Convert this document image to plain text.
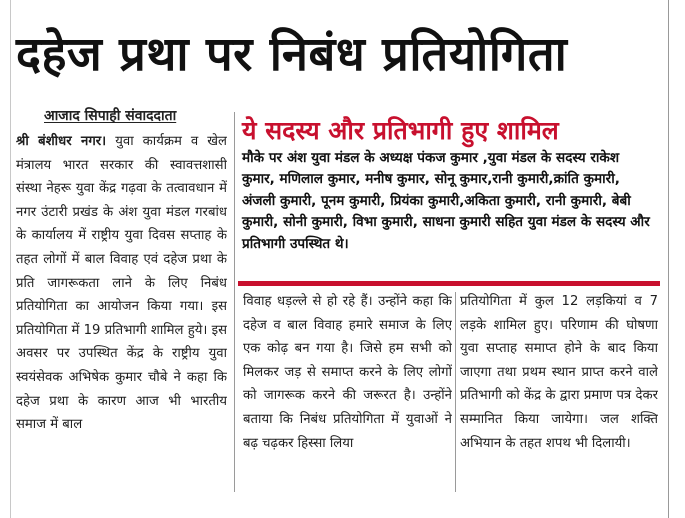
दहेज प्रथा पर निबंध प्रतियोगिता
आजाद सिपाही संवाददाता

श्री बंशीधर नगर। युवा कार्यक्रम व खेल मंत्रालय भारत सरकार की स्वावत्तशासी संस्था नेहरू युवा केंद्र गढ़वा के तत्वावधान में नगर उंटारी प्रखंड के अंश युवा मंडल गरबांध के कार्यालय में राष्ट्रीय युवा दिवस सप्ताह के तहत लोगों में बाल विवाह एवं दहेज प्रथा के प्रति जागरूकता लाने के लिए निबंध प्रतियोगिता का आयोजन किया गया। इस प्रतियोगिता में 19 प्रतिभागी शामिल हुये। इस अवसर पर उपस्थित केंद्र के राष्ट्रीय युवा स्वयंसेवक अभिषेक कुमार चौबे ने कहा कि दहेज प्रथा के कारण आज भी भारतीय समाज में बाल

ये सदस्य और प्रतिभागी हुए शामिल
मौके पर अंश युवा मंडल के अध्यक्ष पंकज कुमार ,युवा मंडल के सदस्य राकेश कुमार, मणिलाल कुमार, मनीष कुमार, सोनू कुमार,रानी कुमारी,क्रांति कुमारी, अंजली कुमारी, पूनम कुमारी, प्रियंका कुमारी,अकिता कुमारी, रानी कुमारी, बेबी कुमारी, सोनी कुमारी, विभा कुमारी, साधना कुमारी सहित युवा मंडल के सदस्य और प्रतिभागी उपस्थित थे।

विवाह धड़ल्ले से हो रहे हैं। उन्होंने कहा कि दहेज व बाल विवाह हमारे समाज के लिए एक कोढ़ बन गया है। जिसे हम सभी को मिलकर जड़ से समाप्त करने के लिए लोगों को जागरूक करने की जरूरत है। उन्होंने बताया कि निबंध प्रतियोगिता में युवाओं ने बढ़ चढ़कर हिस्सा लिया

प्रतियोगिता में कुल 12 लड़कियां व 7 लड़के शामिल हुए। परिणाम की घोषणा युवा सप्ताह समाप्त होने के बाद किया जाएगा तथा प्रथम स्थान प्राप्त करने वाले प्रतिभागी को केंद्र के द्वारा प्रमाण पत्र देकर सम्मानित किया जायेगा। जल शक्ति अभियान के तहत शपथ भी दिलायी।
